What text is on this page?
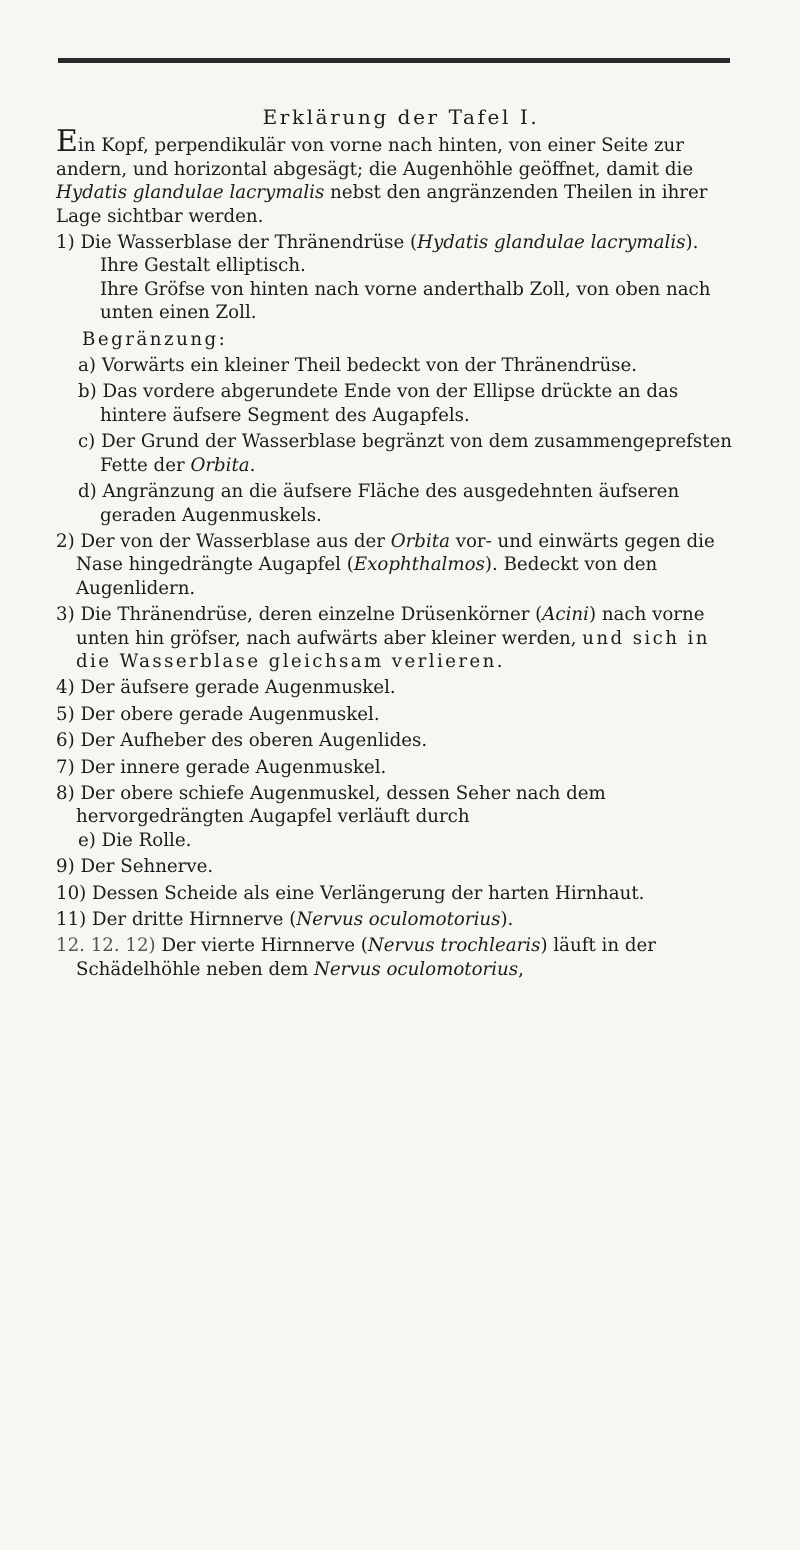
Erklärung der Tafel I.

Ein Kopf, perpendikulär von vorne nach hinten, von einer Seite zur andern, und horizontal abgesägt; die Augenhöhle geöffnet, damit die Hydatis glandulae lacrymalis nebst den angränzenden Theilen in ihrer Lage sichtbar werden.

1) Die Wasserblase der Thränendrüse (Hydatis glandulae lacrymalis).

Ihre Gestalt elliptisch.

Ihre Gröfse von hinten nach vorne anderthalb Zoll, von oben nach unten einen Zoll.

Begränzung:

a) Vorwärts ein kleiner Theil bedeckt von der Thränendrüse.

b) Das vordere abgerundete Ende von der Ellipse drückte an das hintere äufsere Segment des Augapfels.

c) Der Grund der Wasserblase begränzt von dem zusammengeprefsten Fette der Orbita.

d) Angränzung an die äufsere Fläche des ausgedehnten äufseren geraden Augenmuskels.

2) Der von der Wasserblase aus der Orbita vor- und einwärts gegen die Nase hingedrängte Augapfel (Exophthalmos). Bedeckt von den Augenlidern.

3) Die Thränendrüse, deren einzelne Drüsenkörner (Acini) nach vorne unten hin gröfser, nach aufwärts aber kleiner werden, und sich in die Wasserblase gleichsam verlieren.

4) Der äufsere gerade Augenmuskel.

5) Der obere gerade Augenmuskel.

6) Der Aufheber des oberen Augenlides.

7) Der innere gerade Augenmuskel.

8) Der obere schiefe Augenmuskel, dessen Seher nach dem hervorgedrängten Augapfel verläuft durch

e) Die Rolle.

9) Der Sehnerve.

10) Dessen Scheide als eine Verlängerung der harten Hirnhaut.

11) Der dritte Hirnnerve (Nervus oculomotorius).

12. 12. 12) Der vierte Hirnnerve (Nervus trochlearis) läuft in der Schädelhöhle neben dem Nervus oculomotorius,
